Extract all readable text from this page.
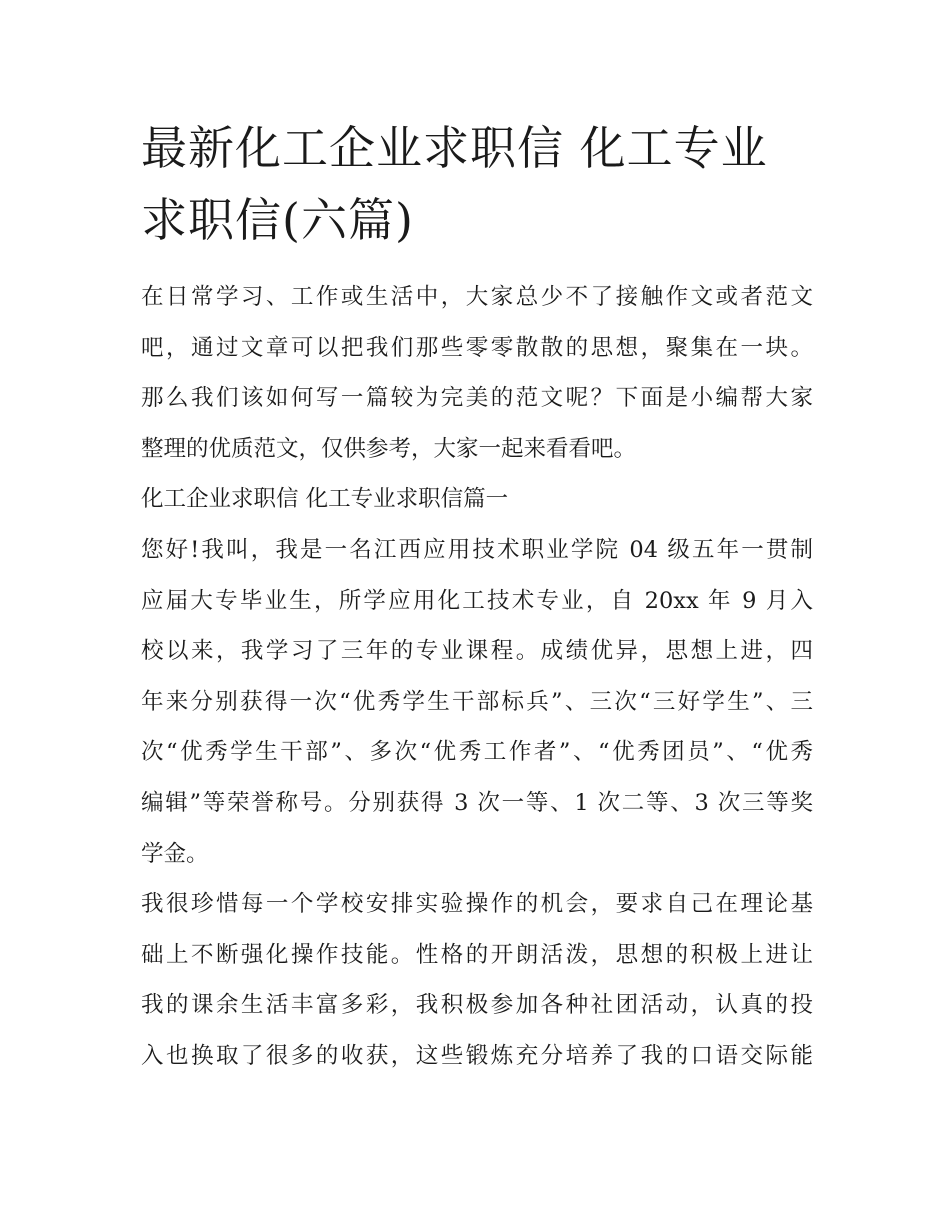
最新化工企业求职信 化工专业
求职信(六篇)

在日常学习、工作或生活中，大家总少不了接触作文或者范文
吧，通过文章可以把我们那些零零散散的思想，聚集在一块。
那么我们该如何写一篇较为完美的范文呢？下面是小编帮大家
整理的优质范文，仅供参考，大家一起来看看吧。

化工企业求职信 化工专业求职信篇一

您好!我叫，我是一名江西应用技术职业学院 04 级五年一贯制
应届大专毕业生，所学应用化工技术专业，自 20xx 年 9 月入
校以来，我学习了三年的专业课程。成绩优异，思想上进，四
年来分别获得一次“优秀学生干部标兵”、三次“三好学生”、三
次“优秀学生干部”、多次“优秀工作者”、“优秀团员”、“优秀
编辑”等荣誉称号。分别获得 3 次一等、1 次二等、3 次三等奖
学金。

我很珍惜每一个学校安排实验操作的机会，要求自己在理论基
础上不断强化操作技能。性格的开朗活泼，思想的积极上进让
我的课余生活丰富多彩，我积极参加各种社团活动，认真的投
入也换取了很多的收获，这些锻炼充分培养了我的口语交际能
